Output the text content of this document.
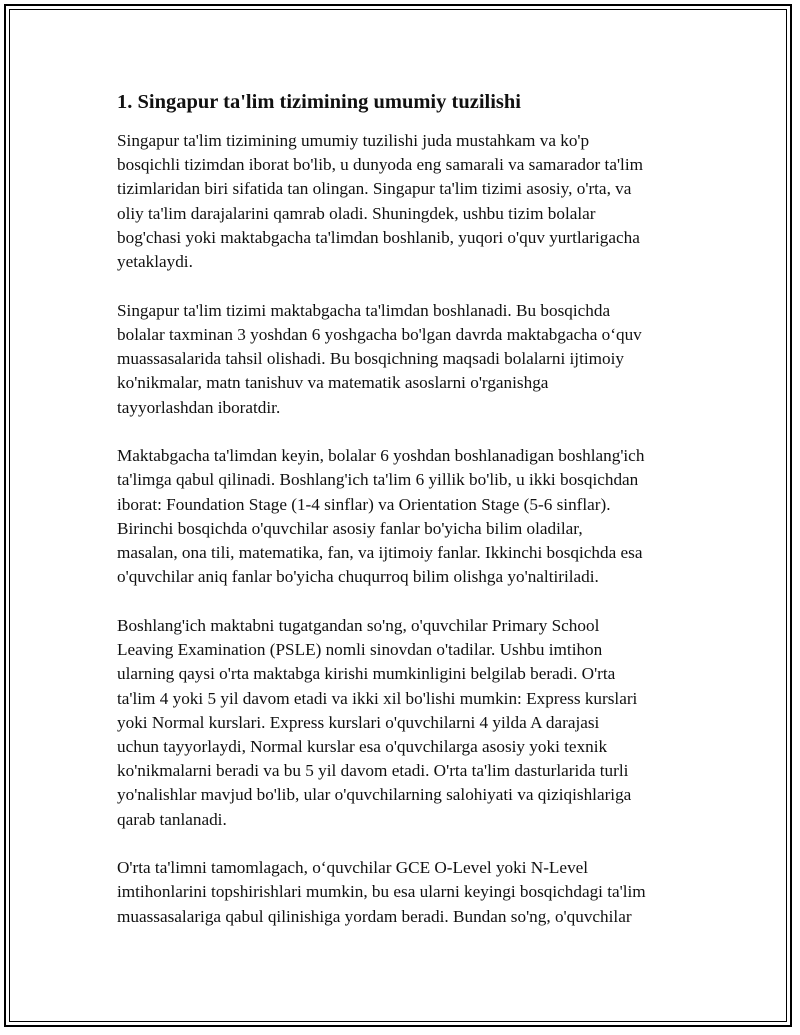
1. Singapur ta'lim tizimining umumiy tuzilishi

Singapur ta'lim tizimining umumiy tuzilishi juda mustahkam va ko'p
bosqichli tizimdan iborat bo'lib, u dunyoda eng samarali va samarador ta'lim
tizimlaridan biri sifatida tan olingan. Singapur ta'lim tizimi asosiy, o'rta, va
oliy ta'lim darajalarini qamrab oladi. Shuningdek, ushbu tizim bolalar
bog'chasi yoki maktabgacha ta'limdan boshlanib, yuqori o'quv yurtlarigacha
yetaklaydi.

Singapur ta'lim tizimi maktabgacha ta'limdan boshlanadi. Bu bosqichda
bolalar taxminan 3 yoshdan 6 yoshgacha bo'lgan davrda maktabgacha o‘quv
muassasalarida tahsil olishadi. Bu bosqichning maqsadi bolalarni ijtimoiy
ko'nikmalar, matn tanishuv va matematik asoslarni o'rganishga
tayyorlashdan iboratdir.

Maktabgacha ta'limdan keyin, bolalar 6 yoshdan boshlanadigan boshlang'ich
ta'limga qabul qilinadi. Boshlang'ich ta'lim 6 yillik bo'lib, u ikki bosqichdan
iborat: Foundation Stage (1-4 sinflar) va Orientation Stage (5-6 sinflar).
Birinchi bosqichda o'quvchilar asosiy fanlar bo'yicha bilim oladilar,
masalan, ona tili, matematika, fan, va ijtimoiy fanlar. Ikkinchi bosqichda esa
o'quvchilar aniq fanlar bo'yicha chuqurroq bilim olishga yo'naltiriladi.

Boshlang'ich maktabni tugatgandan so'ng, o'quvchilar Primary School
Leaving Examination (PSLE) nomli sinovdan o'tadilar. Ushbu imtihon
ularning qaysi o'rta maktabga kirishi mumkinligini belgilab beradi. O'rta
ta'lim 4 yoki 5 yil davom etadi va ikki xil bo'lishi mumkin: Express kurslari
yoki Normal kurslari. Express kurslari o'quvchilarni 4 yilda A darajasi
uchun tayyorlaydi, Normal kurslar esa o'quvchilarga asosiy yoki texnik
ko'nikmalarni beradi va bu 5 yil davom etadi. O'rta ta'lim dasturlarida turli
yo'nalishlar mavjud bo'lib, ular o'quvchilarning salohiyati va qiziqishlariga
qarab tanlanadi.

O'rta ta'limni tamomlagach, o‘quvchilar GCE O-Level yoki N-Level
imtihonlarini topshirishlari mumkin, bu esa ularni keyingi bosqichdagi ta'lim
muassasalariga qabul qilinishiga yordam beradi. Bundan so'ng, o'quvchilar
